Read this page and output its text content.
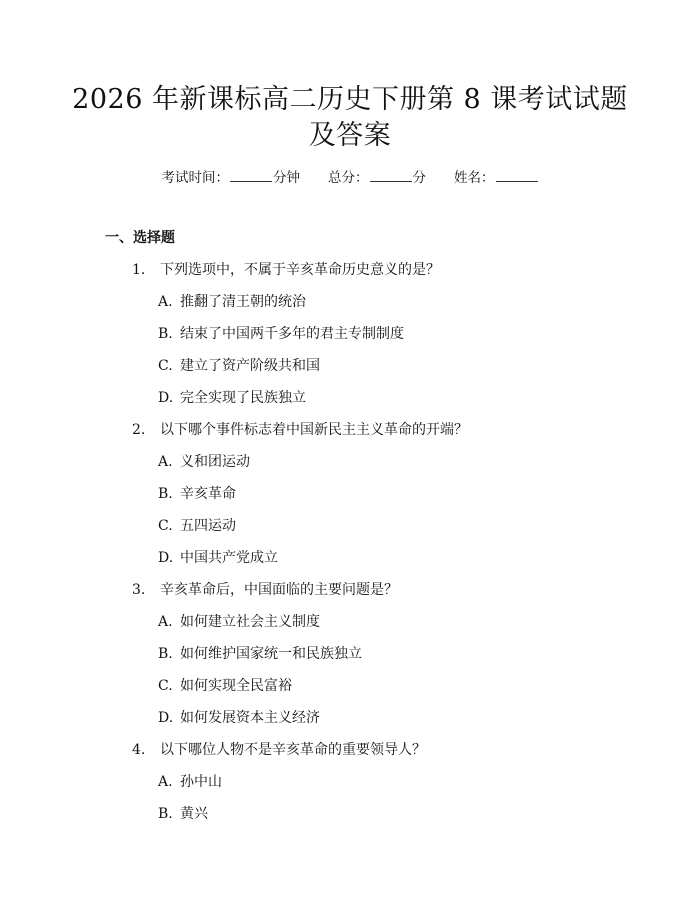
2026 年新课标高二历史下册第 8 课考试试题
及答案
考试时间：	分钟 总分：	分 姓名：
一、选择题
1. 下列选项中，不属于辛亥革命历史意义的是？
A. 推翻了清王朝的统治
B. 结束了中国两千多年的君主专制制度
C. 建立了资产阶级共和国
D. 完全实现了民族独立
2. 以下哪个事件标志着中国新民主主义革命的开端？
A. 义和团运动
B. 辛亥革命
C. 五四运动
D. 中国共产党成立
3. 辛亥革命后，中国面临的主要问题是？
A. 如何建立社会主义制度
B. 如何维护国家统一和民族独立
C. 如何实现全民富裕
D. 如何发展资本主义经济
4. 以下哪位人物不是辛亥革命的重要领导人？
A. 孙中山
B. 黄兴
